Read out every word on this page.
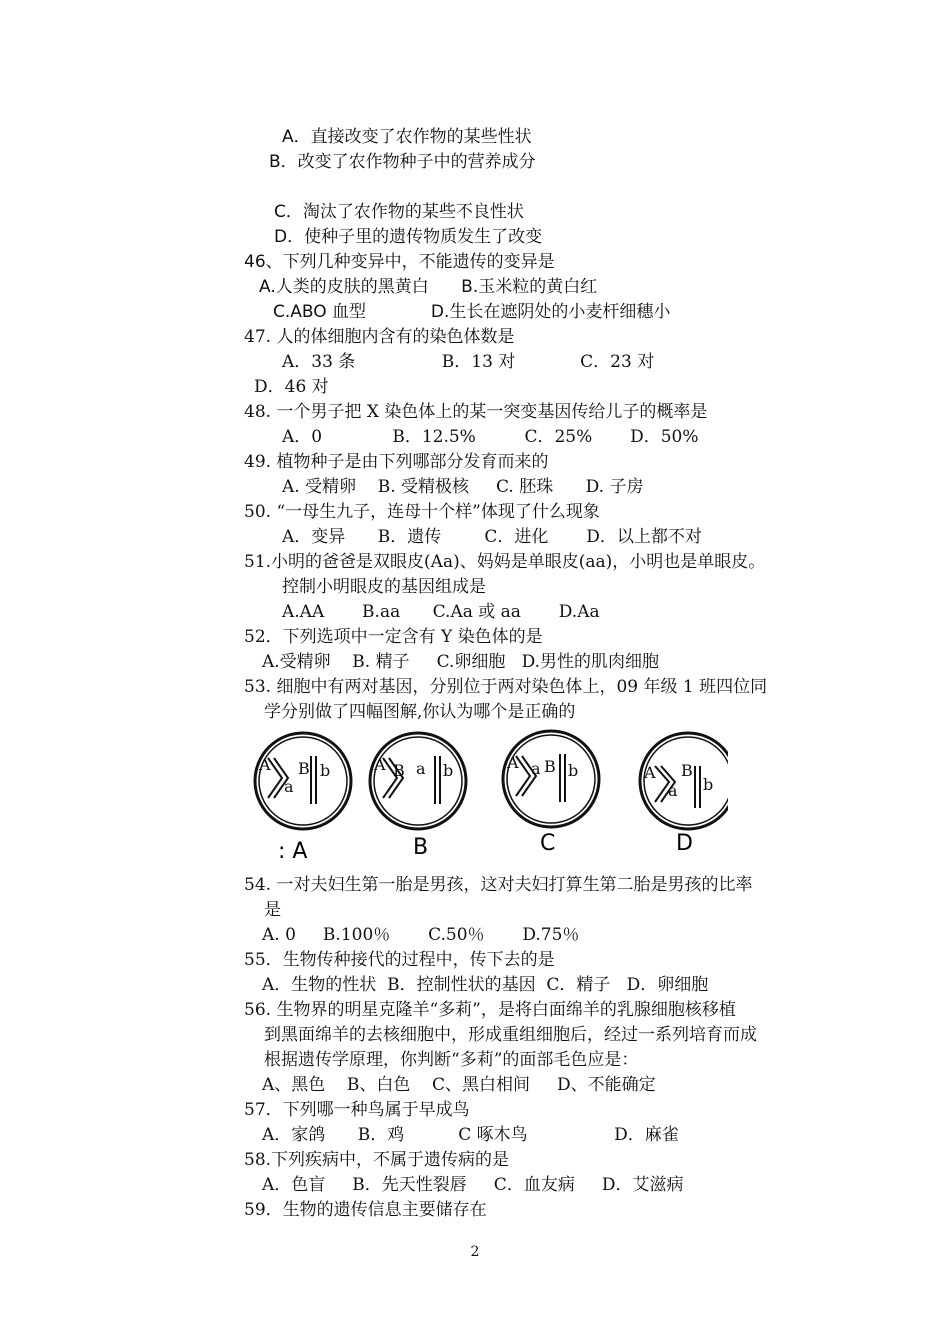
A．直接改变了农作物的某些性状
B．改变了农作物种子中的营养成分
C．淘汰了农作物的某些不良性状
D．使种子里的遗传物质发生了改变
46、下列几种变异中，不能遗传的变异是
A.人类的皮肤的黑黄白      B.玉米粒的黄白红
C.ABO 血型            D.生长在遮阴处的小麦杆细穗小
47. 人的体细胞内含有的染色体数是
A．33 条                B．13 对            C．23 对
D．46 对
48. 一个男子把 X 染色体上的某一突变基因传给儿子的概率是
A．0             B．12.5%         C．25%       D．50%
49. 植物种子是由下列哪部分发育而来的
A. 受精卵    B. 受精极核     C. 胚珠      D. 子房
50. “一母生九子，连母十个样”体现了什么现象
A．变异      B．遗传        C．进化       D．以上都不对
51.小明的爸爸是双眼皮(Aa)、妈妈是单眼皮(aa)，小明也是单眼皮。
控制小明眼皮的基因组成是
A.AA       B.aa      C.Aa 或 aa       D.Aa
52．下列选项中一定含有 Y 染色体的是
A.受精卵    B. 精子     C.卵细胞   D.男性的肌肉细胞
53. 细胞中有两对基因，分别位于两对染色体上，09 年级 1 班四位同
学分别做了四幅图解,你认为哪个是正确的
A
a
B b	A B a b	A a B b	A
a
B
b
: A	B	C	D
54. 一对夫妇生第一胎是男孩，这对夫妇打算生第二胎是男孩的比率
是
A. 0     B.100％       C.50％       D.75％
55．生物传种接代的过程中，传下去的是
A．生物的性状  B．控制性状的基因  C．精子   D．卵细胞
56. 生物界的明星克隆羊“多莉”，是将白面绵羊的乳腺细胞核移植
到黑面绵羊的去核细胞中，形成重组细胞后，经过一系列培育而成
根据遗传学原理，你判断“多莉”的面部毛色应是：
A、黑色    B、白色    C、黑白相间     D、不能确定
57．下列哪一种鸟属于早成鸟
A．家鸽      B．鸡          C 啄木鸟                D．麻雀
58.下列疾病中，不属于遗传病的是
A．色盲     B．先天性裂唇     C．血友病     D．艾滋病
59．生物的遗传信息主要储存在
2
